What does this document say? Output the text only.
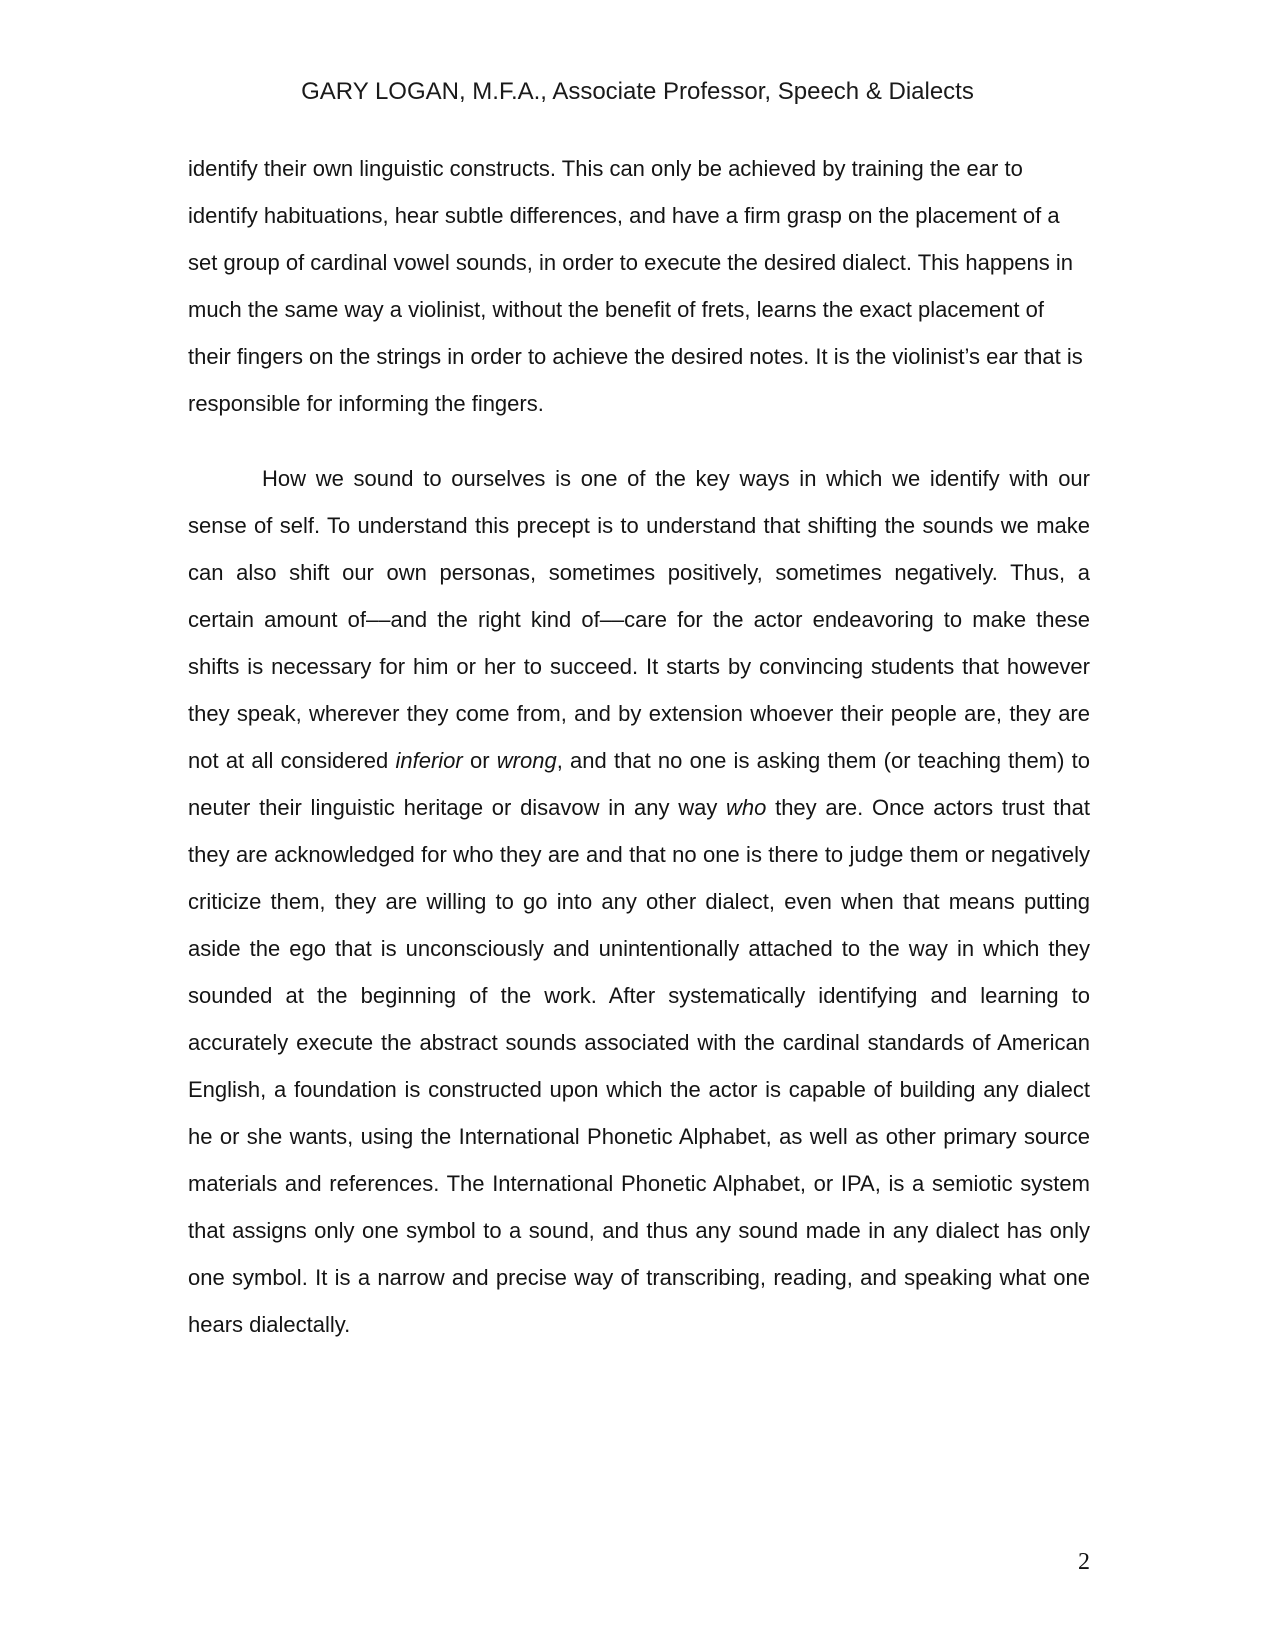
GARY LOGAN, M.F.A., Associate Professor, Speech & Dialects

identify their own linguistic constructs. This can only be achieved by training the ear to identify habituations, hear subtle differences, and have a firm grasp on the placement of a set group of cardinal vowel sounds, in order to execute the desired dialect. This happens in much the same way a violinist, without the benefit of frets, learns the exact placement of their fingers on the strings in order to achieve the desired notes. It is the violinist’s ear that is responsible for informing the fingers.

How we sound to ourselves is one of the key ways in which we identify with our sense of self. To understand this precept is to understand that shifting the sounds we make can also shift our own personas, sometimes positively, sometimes negatively. Thus, a certain amount of––and the right kind of––care for the actor endeavoring to make these shifts is necessary for him or her to succeed. It starts by convincing students that however they speak, wherever they come from, and by extension whoever their people are, they are not at all considered inferior or wrong, and that no one is asking them (or teaching them) to neuter their linguistic heritage or disavow in any way who they are. Once actors trust that they are acknowledged for who they are and that no one is there to judge them or negatively criticize them, they are willing to go into any other dialect, even when that means putting aside the ego that is unconsciously and unintentionally attached to the way in which they sounded at the beginning of the work. After systematically identifying and learning to accurately execute the abstract sounds associated with the cardinal standards of American English, a foundation is constructed upon which the actor is capable of building any dialect he or she wants, using the International Phonetic Alphabet, as well as other primary source materials and references. The International Phonetic Alphabet, or IPA, is a semiotic system that assigns only one symbol to a sound, and thus any sound made in any dialect has only one symbol. It is a narrow and precise way of transcribing, reading, and speaking what one hears dialectally.

2
